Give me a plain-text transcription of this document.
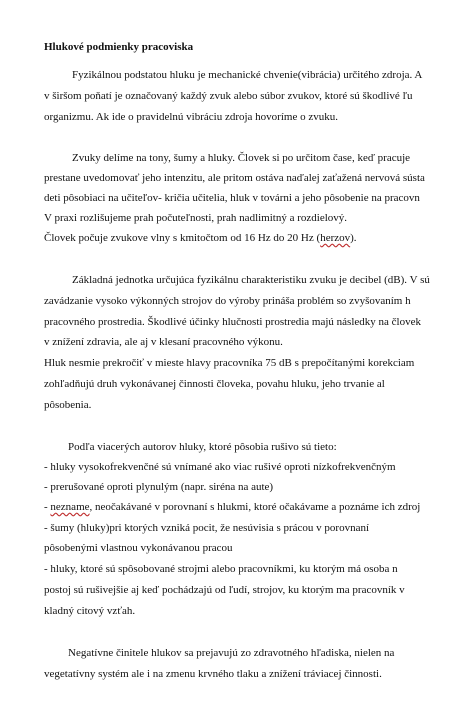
Hlukové podmienky pracoviska
Fyzikálnou podstatou hluku je mechanické chvenie(vibrácia) určitého zdroja. A
v širšom poňatí je označovaný každý zvuk alebo súbor zvukov, ktoré sú škodlivé ľu
organizmu. Ak ide o pravidelnú vibráciu zdroja hovoríme o zvuku.
Zvuky delíme na tony, šumy a hluky. Človek si po určitom čase, keď pracuje
prestane uvedomovať jeho intenzitu, ale pritom ostáva naďalej zaťažená nervová sústa
deti pôsobiaci na učiteľov- kričia učitelia, hluk v továrni a jeho pôsobenie na pracovn
V praxi rozlišujeme prah počuteľnosti, prah nadlimitný a rozdielový.
Človek počuje zvukove vlny s kmitočtom od 16 Hz do 20 Hz (herzov).
Základná jednotka určujúca fyzikálnu charakteristiku zvuku je decibel (dB). V sú
zavádzanie vysoko výkonných strojov do výroby prináša problém so zvyšovaním h
pracovného prostredia. Škodlivé účinky hlučnosti prostredia majú následky na človek
v znížení zdravia, ale aj v klesaní pracovného výkonu.
Hluk nesmie prekročiť v mieste hlavy pracovníka 75 dB s prepočítanými korekciam
zohľadňujú druh vykonávanej činnosti človeka, povahu hluku, jeho trvanie al
pôsobenia.
Podľa viacerých autorov hluky, ktoré pôsobia rušivo sú tieto:
- hluky vysokofrekvenčné sú vnímané ako viac rušivé oproti nízkofrekvenčným
- prerušované oproti plynulým (napr. siréna na aute)
- nezname, neočakávané v porovnaní s hlukmi, ktoré očakávame a poznáme ich zdroj
- šumy (hluky)pri ktorých vzniká pocit, že nesúvisia s prácou v porovnaní
pôsobenými vlastnou vykonávanou pracou
- hluky, ktoré sú spôsobované strojmi alebo pracovníkmi, ku ktorým má osoba n
postoj sú rušivejšie aj keď pochádzajú od ľudí, strojov, ku ktorým ma pracovník v
kladný citový vzťah.
Negatívne činitele hlukov sa prejavujú zo zdravotného hľadiska, nielen na
vegetatívny systém ale i na zmenu krvného tlaku a znížení tráviacej činnosti.
